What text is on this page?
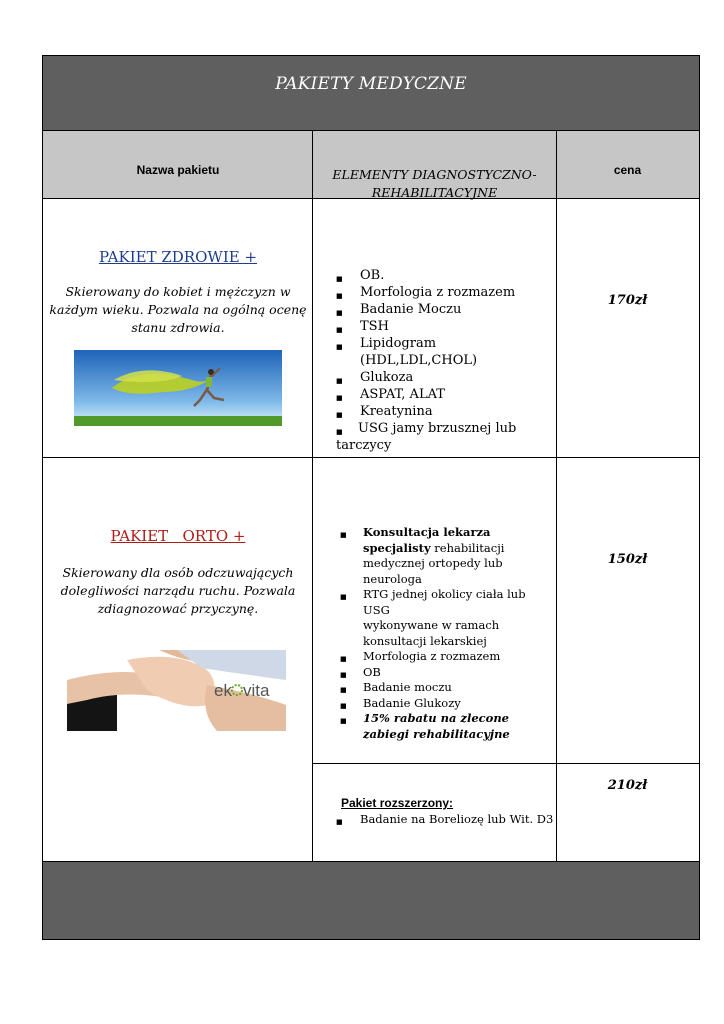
PAKIETY MEDYCZNE
Nazwa pakietu	ELEMENTY DIAGNOSTYCZNO-
REHABILITACYJNE
cena
PAKIET ZDROWIE +
Skierowany do kobiet i mężczyzn w
każdym wieku. Pozwala na ogólną ocenę
stanu zdrowia.
■ OB.
■ Morfologia z rozmazem
■ Badanie Moczu
■ TSH
■ Lipidogram (HDL,LDL,CHOL)
■ Glukoza
■ ASPAT, ALAT
■ Kreatynina
■ USG jamy brzusznej lub
tarczycy
170zł
PAKIET   ORTO +
Skierowany dla osób odczuwających
dolegliwości narządu ruchu. Pozwala
zdiagnozować przyczynę.
ek vita
■ Konsultacja lekarza
specjalisty rehabilitacji
medycznej ortopedy lub
neurologa
■ RTG jednej okolicy ciała lub USG
wykonywane w ramach
konsultacji lekarskiej
■ Morfologia z rozmazem
■ OB
■ Badanie moczu
■ Badanie Glukozy
■ 15% rabatu na zlecone
zabiegi rehabilitacyjne
150zł
Pakiet rozszerzony:
■ Badanie na Boreliozę lub Wit. D3
210zł
